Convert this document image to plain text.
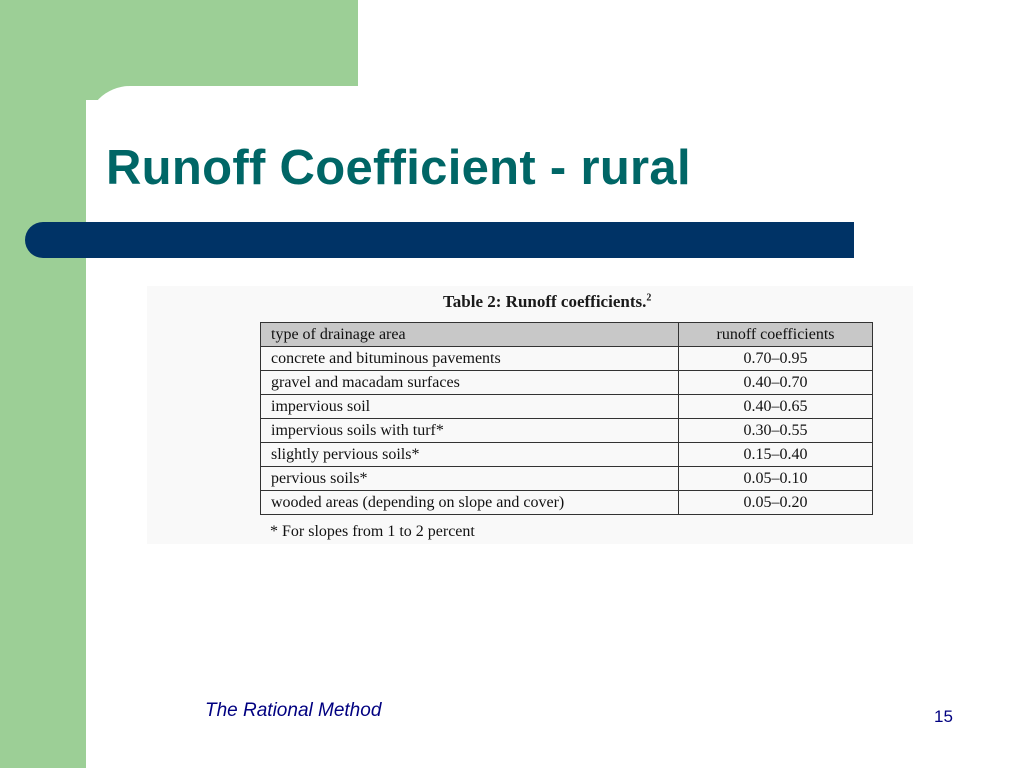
Runoff Coefficient - rural
Table 2: Runoff coefficients.$^2$
type of drainage area	runoff coefficients
concrete and bituminous pavements	0.70–0.95
gravel and macadam surfaces	0.40–0.70
impervious soil	0.40–0.65
impervious soils with turf*	0.30–0.55
slightly pervious soils*	0.15–0.40
pervious soils*	0.05–0.10
wooded areas (depending on slope and cover)	0.05–0.20
* For slopes from 1 to 2 percent
The Rational Method	15
